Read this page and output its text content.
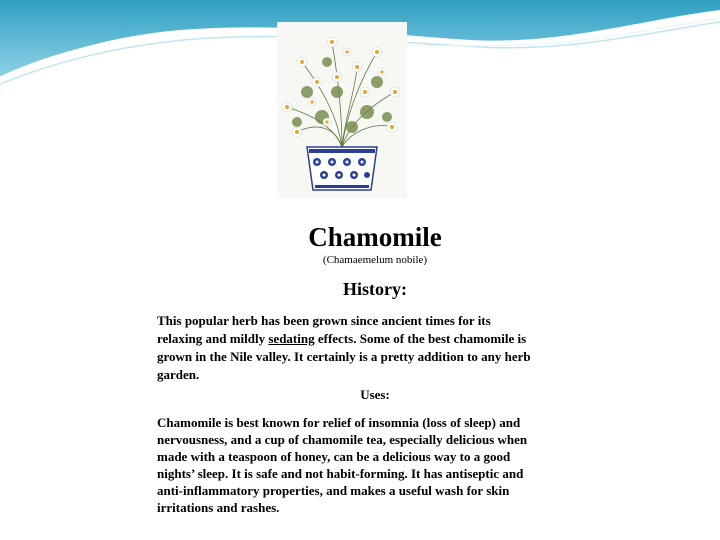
Chamomile
(Chamaemelum nobile)
History:
This popular herb has been grown since ancient times for its relaxing and mildly sedating effects. Some of the best chamomile is grown in the Nile valley. It certainly is a pretty addition to any herb garden.
Uses:
Chamomile is best known for relief of insomnia (loss of sleep) and nervousness, and a cup of chamomile tea, especially delicious when made with a teaspoon of honey, can be a delicious way to a good nights’ sleep. It is safe and not habit-forming. It has antiseptic and anti-inflammatory properties, and makes a useful wash for skin irritations and rashes.
